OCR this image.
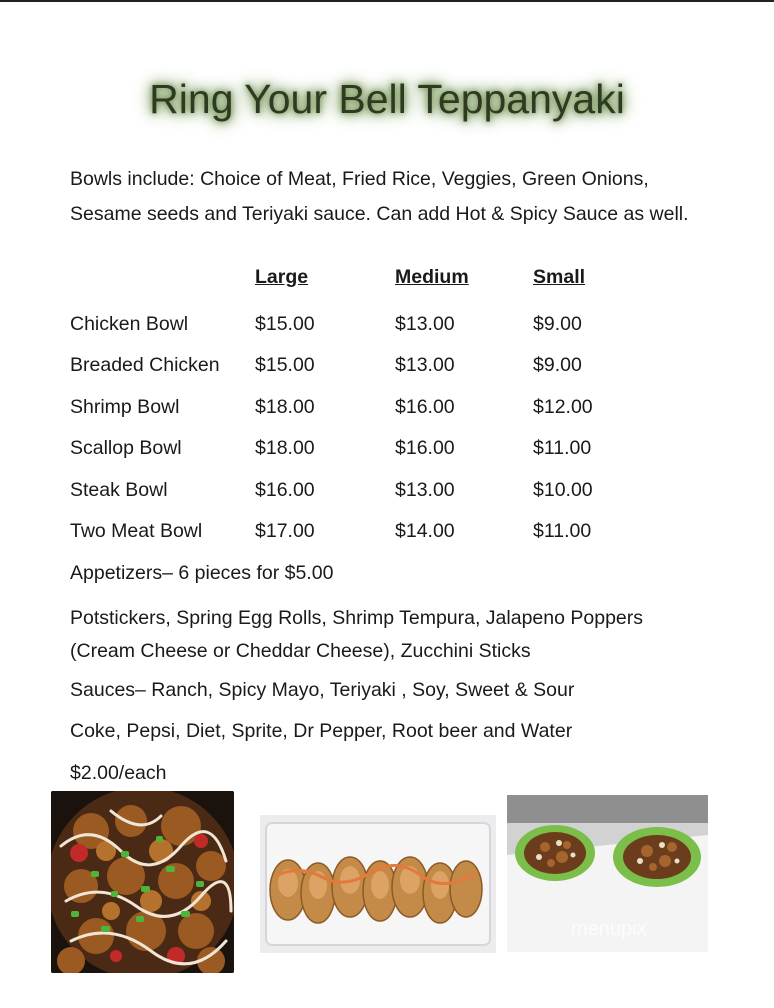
Ring Your Bell Teppanyaki
Bowls include: Choice of Meat, Fried Rice, Veggies, Green Onions, Sesame seeds and Teriyaki sauce. Can add Hot & Spicy Sauce as well.
Large	Medium	Small
Chicken Bowl	$15.00	$13.00	$9.00
Breaded Chicken $15.00	$13.00	$9.00
Shrimp Bowl	$18.00	$16.00	$12.00
Scallop Bowl	$18.00	$16.00	$11.00
Steak Bowl	$16.00	$13.00	$10.00
Two Meat Bowl	$17.00	$14.00	$11.00
Appetizers– 6 pieces for $5.00
Potstickers, Spring Egg Rolls, Shrimp Tempura, Jalapeno Poppers (Cream Cheese or Cheddar Cheese), Zucchini Sticks
Sauces– Ranch, Spicy Mayo, Teriyaki , Soy, Sweet & Sour
Coke, Pepsi, Diet, Sprite, Dr Pepper, Root beer and Water
$2.00/each
menupix
